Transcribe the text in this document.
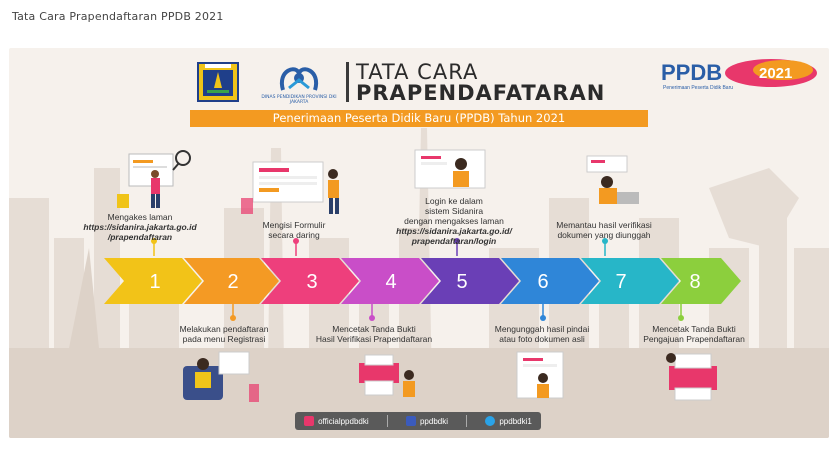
Tata Cara Prapendaftaran PPDB 2021
DINAS PENDIDIKAN PROVINSI DKI JAKARTA
TATA CARA
PRAPENDAFATARAN
Penerimaan Peserta Didik Baru (PPDB) Tahun 2021
PPDB 2021
Penerimaan Peserta Didik Baru
1	2	3	4	5	6	7	8
Mengakes laman
https://sidanira.jakarta.go.id
/prapendaftaran
Melakukan pendaftaran
pada menu Registrasi
Mengisi Formulir
secara daring
Mencetak Tanda Bukti
Hasil Verifikasi Prapendaftaran
Login ke dalam
sistem Sidanira
dengan mengakses laman
https://sidanira.jakarta.go.id/
prapendaftaran/login
Mengunggah hasil pindai
atau foto dokumen asli
Memantau hasil verifikasi
dokumen yang diunggah
Mencetak Tanda Bukti
Pengajuan Prapendaftaran
officialppdbdki	ppdbdki	ppdbdki1
